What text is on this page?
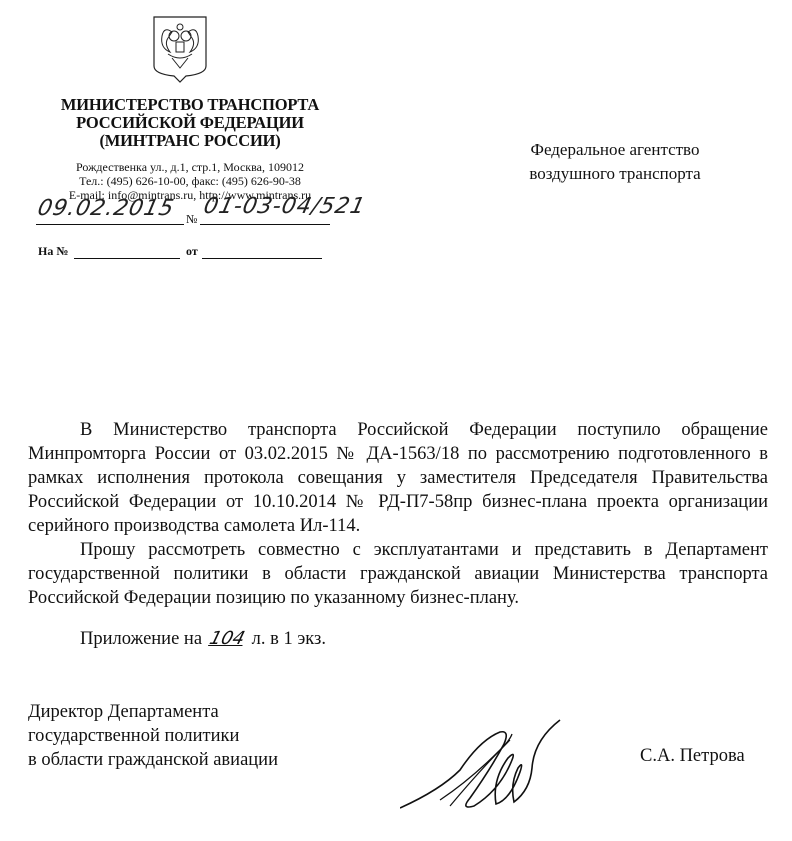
МИНИСТЕРСТВО ТРАНСПОРТА
РОССИЙСКОЙ ФЕДЕРАЦИИ
(МИНТРАНС РОССИИ)
Рождественка ул., д.1, стр.1, Москва, 109012
Тел.: (495) 626-10-00, факс: (495) 626-90-38
E-mail: info@mintrans.ru, http://www.mintrans.ru
09.02.2015 № 01-03-04/521
На №	от
Федеральное агентство
воздушного транспорта

В Министерство транспорта Российской Федерации поступило обращение Минпромторга России от 03.02.2015 № ДА-1563/18 по рассмотрению подготовленного в рамках исполнения протокола совещания у заместителя Председателя Правительства Российской Федерации от 10.10.2014 № РД-П7-58пр бизнес-плана проекта организации серийного производства самолета Ил-114.

Прошу рассмотреть совместно с эксплуатантами и представить в Департамент государственной политики в области гражданской авиации Министерства транспорта Российской Федерации позицию по указанному бизнес-плану.

Приложение на 104 л. в 1 экз.
Директор Департамента
государственной политики
в области гражданской авиации	С.А. Петрова
